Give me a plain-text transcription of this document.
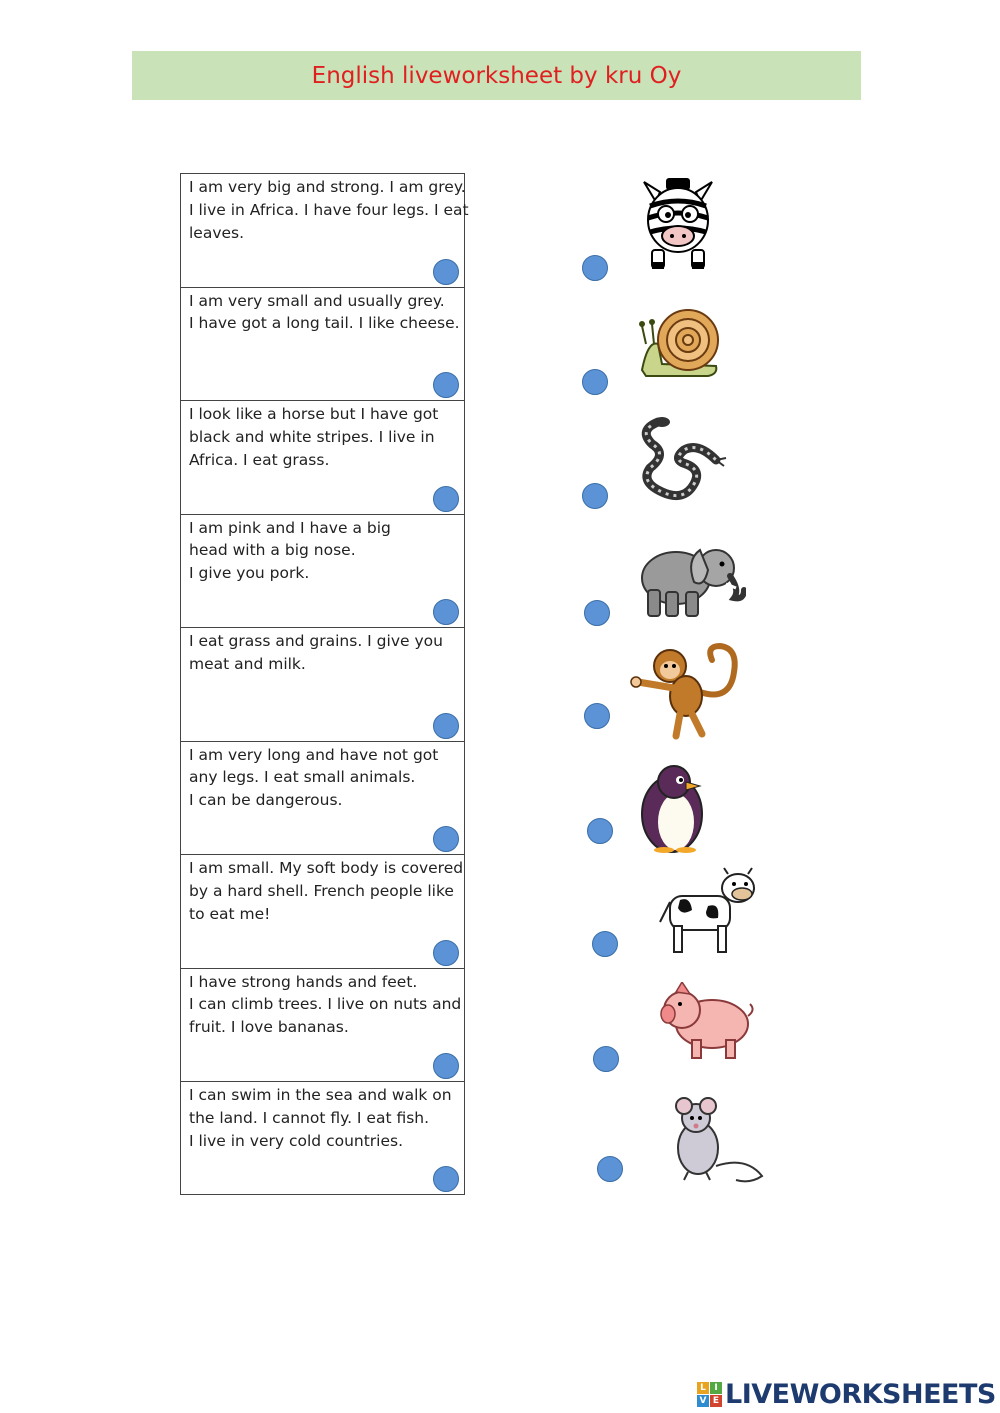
English liveworksheet by kru Oy
I am very big and strong. I am grey.
I live in Africa. I have four legs. I eat
leaves.
I am very small and usually grey.
I have got a long tail. I like cheese.
I look like a horse but I have got
black and white stripes. I live in
Africa. I eat grass.
I am pink and I have a big
head with a big nose.
I give you pork.
I eat grass and grains. I give you
meat and milk.
I am very long and have not got
any legs. I eat small animals.
I can be dangerous.
I am small. My soft body is covered
by a hard shell. French people like
to eat me!
I have strong hands and feet.
I can climb trees. I live on nuts and
fruit. I love bananas.
I can swim in the sea and walk on
the land. I cannot fly. I eat fish.
I live in very cold countries.
L I
V E LIVEWORKSHEETS
